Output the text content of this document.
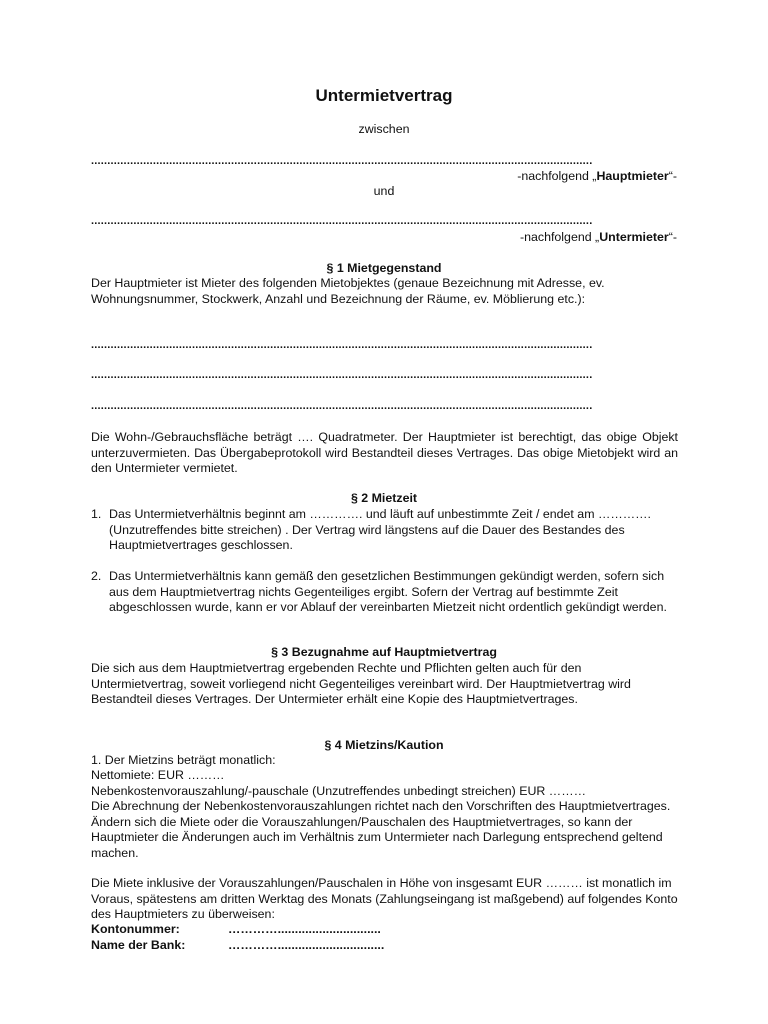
Untermietvertrag
zwischen
..........................................................................................................................................................
-nachfolgend „Hauptmieter“-
und
..........................................................................................................................................................
-nachfolgend „Untermieter“-
§ 1 Mietgegenstand
Der Hauptmieter ist Mieter des folgenden Mietobjektes (genaue Bezeichnung mit Adresse, ev. Wohnungsnummer, Stockwerk, Anzahl und Bezeichnung der Räume, ev. Möblierung etc.):
..........................................................................................................................................................
..........................................................................................................................................................
..........................................................................................................................................................
Die Wohn-/Gebrauchsfläche beträgt …. Quadratmeter. Der Hauptmieter ist berechtigt, das obige Objekt unterzuvermieten. Das Übergabeprotokoll wird Bestandteil dieses Vertrages. Das obige Mietobjekt wird an den Untermieter vermietet.
§ 2 Mietzeit
1. Das Untermietverhältnis beginnt am …………. und läuft auf unbestimmte Zeit / endet am …………. (Unzutreffendes bitte streichen) . Der Vertrag wird längstens auf die Dauer des Bestandes des Hauptmietvertrages geschlossen.
2. Das Untermietverhältnis kann gemäß den gesetzlichen Bestimmungen gekündigt werden, sofern sich aus dem Hauptmietvertrag nichts Gegenteiliges ergibt. Sofern der Vertrag auf bestimmte Zeit abgeschlossen wurde, kann er vor Ablauf der vereinbarten Mietzeit nicht ordentlich gekündigt werden.
§ 3 Bezugnahme auf Hauptmietvertrag
Die sich aus dem Hauptmietvertrag ergebenden Rechte und Pflichten gelten auch für den Untermietvertrag, soweit vorliegend nicht Gegenteiliges vereinbart wird. Der Hauptmietvertrag wird Bestandteil dieses Vertrages. Der Untermieter erhält eine Kopie des Hauptmietvertrages.
§ 4 Mietzins/Kaution
1. Der Mietzins beträgt monatlich:
Nettomiete: EUR ………
Nebenkostenvorauszahlung/-pauschale (Unzutreffendes unbedingt streichen) EUR ………
Die Abrechnung der Nebenkostenvorauszahlungen richtet nach den Vorschriften des Hauptmietvertrages. Ändern sich die Miete oder die Vorauszahlungen/Pauschalen des Hauptmietvertrages, so kann der Hauptmieter die Änderungen auch im Verhältnis zum Untermieter nach Darlegung entsprechend geltend machen.
Die Miete inklusive der Vorauszahlungen/Pauschalen in Höhe von insgesamt EUR ……… ist monatlich im Voraus, spätestens am dritten Werktag des Monats (Zahlungseingang ist maßgebend) auf folgendes Konto des Hauptmieters zu überweisen:
Kontonummer:	…………..............................
Name der Bank:	…………...............................
